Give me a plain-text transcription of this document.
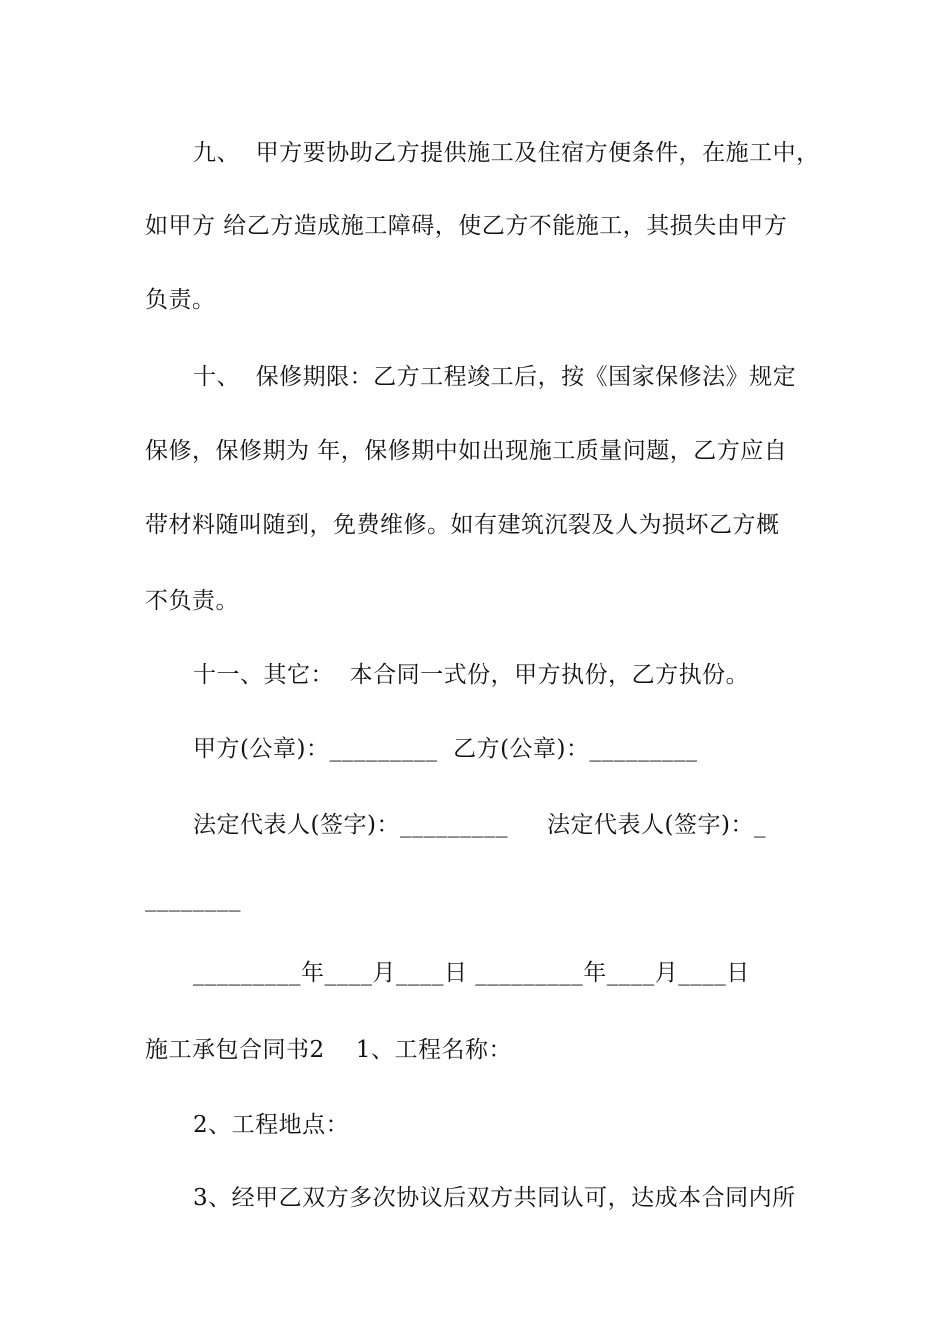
九、  甲方要协助乙方提供施工及住宿方便条件，在施工中，
如甲方 给乙方造成施工障碍，使乙方不能施工，其损失由甲方
负责。
十、  保修期限：乙方工程竣工后，按《国家保修法》规定
保修，保修期为 年，保修期中如出现施工质量问题，乙方应自
带材料随叫随到，免费维修。如有建筑沉裂及人为损坏乙方概
不负责。
十一、其它：  本合同一式份，甲方执份，乙方执份。
甲方(公章)：_________  乙方(公章)：_________
法定代表人(签字)：_________     法定代表人(签字)：_
________
_________年____月____日 _________年____月____日
施工承包合同书2    1、工程名称：
2、工程地点：
3、经甲乙双方多次协议后双方共同认可，达成本合同内所
